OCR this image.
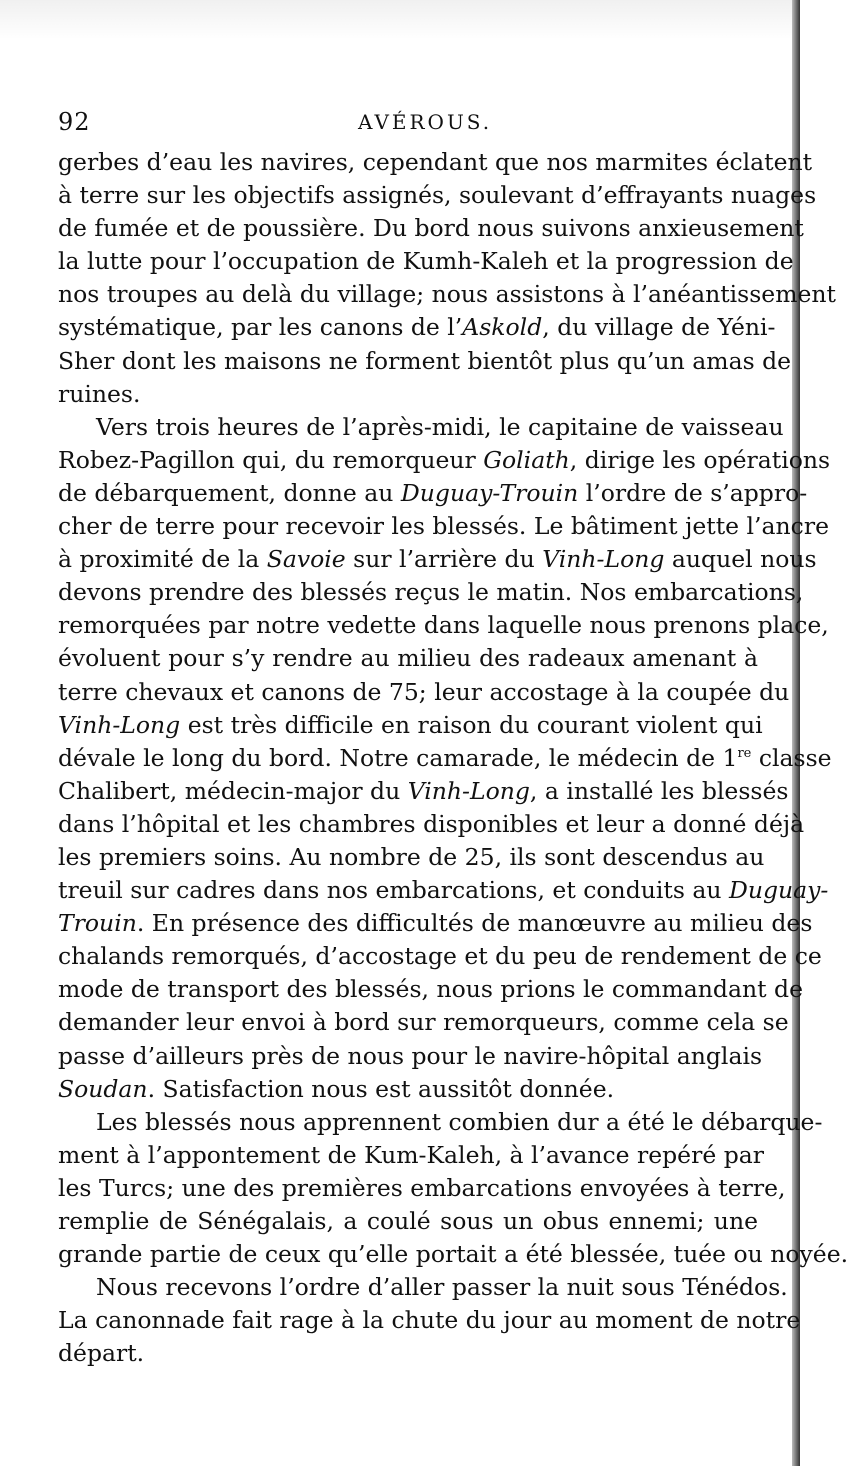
92	AVÉROUS.
gerbes d’eau les navires, cependant que nos marmites éclatent
à terre sur les objectifs assignés, soulevant d’effrayants nuages
de fumée et de poussière. Du bord nous suivons anxieusement
la lutte pour l’occupation de Kumh-Kaleh et la progression de
nos troupes au delà du village; nous assistons à l’anéantissement
systématique, par les canons de l’Askold, du village de Yéni-
Sher dont les maisons ne forment bientôt plus qu’un amas de
ruines.
Vers trois heures de l’après-midi, le capitaine de vaisseau
Robez-Pagillon qui, du remorqueur Goliath, dirige les opérations
de débarquement, donne au Duguay-Trouin l’ordre de s’appro-
cher de terre pour recevoir les blessés. Le bâtiment jette l’ancre
à proximité de la Savoie sur l’arrière du Vinh-Long auquel nous
devons prendre des blessés reçus le matin. Nos embarcations,
remorquées par notre vedette dans laquelle nous prenons place,
évoluent pour s’y rendre au milieu des radeaux amenant à
terre chevaux et canons de 75; leur accostage à la coupée du
Vinh-Long est très difficile en raison du courant violent qui
dévale le long du bord. Notre camarade, le médecin de 1re classe
Chalibert, médecin-major du Vinh-Long, a installé les blessés
dans l’hôpital et les chambres disponibles et leur a donné déjà
les premiers soins. Au nombre de 25, ils sont descendus au
treuil sur cadres dans nos embarcations, et conduits au Duguay-
Trouin. En présence des difficultés de manœuvre au milieu des
chalands remorqués, d’accostage et du peu de rendement de ce
mode de transport des blessés, nous prions le commandant de
demander leur envoi à bord sur remorqueurs, comme cela se
passe d’ailleurs près de nous pour le navire-hôpital anglais
Soudan. Satisfaction nous est aussitôt donnée.
Les blessés nous apprennent combien dur a été le débarque-
ment à l’appontement de Kum-Kaleh, à l’avance repéré par
les Turcs; une des premières embarcations envoyées à terre,
remplie de Sénégalais, a coulé sous un obus ennemi; une
grande partie de ceux qu’elle portait a été blessée, tuée ou noyée.
Nous recevons l’ordre d’aller passer la nuit sous Ténédos.
La canonnade fait rage à la chute du jour au moment de notre
départ.
